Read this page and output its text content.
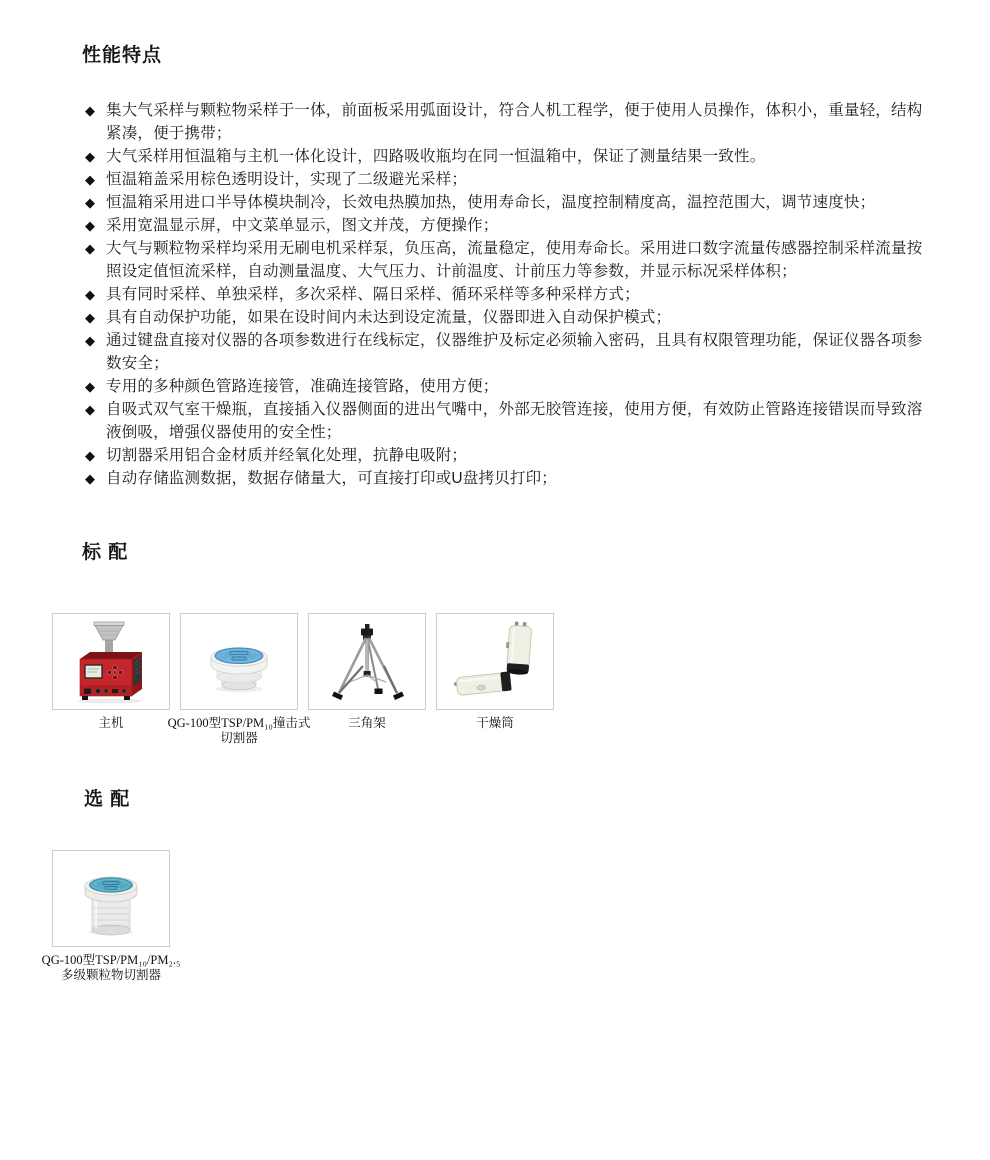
性能特点
◆ 集大气采样与颗粒物采样于一体，前面板采用弧面设计，符合人机工程学，便于使用人员操作，体积小，重量轻，结构紧凑，便于携带；
◆ 大气采样用恒温箱与主机一体化设计，四路吸收瓶均在同一恒温箱中，保证了测量结果一致性。
◆ 恒温箱盖采用棕色透明设计，实现了二级避光采样；
◆ 恒温箱采用进口半导体模块制冷，长效电热膜加热，使用寿命长，温度控制精度高，温控范围大，调节速度快；
◆ 采用宽温显示屏，中文菜单显示，图文并茂，方便操作；
◆ 大气与颗粒物采样均采用无刷电机采样泵，负压高，流量稳定，使用寿命长。采用进口数字流量传感器控制采样流量按照设定值恒流采样，自动测量温度、大气压力、计前温度、计前压力等参数，并显示标况采样体积；
◆ 具有同时采样、单独采样，多次采样、隔日采样、循环采样等多种采样方式；
◆ 具有自动保护功能，如果在设时间内未达到设定流量，仪器即进入自动保护模式；
◆ 通过键盘直接对仪器的各项参数进行在线标定，仪器维护及标定必须输入密码，且具有权限管理功能，保证仪器各项参数安全；
◆ 专用的多种颜色管路连接管，准确连接管路，使用方便；
◆ 自吸式双气室干燥瓶，直接插入仪器侧面的进出气嘴中，外部无胶管连接，使用方便，有效防止管路连接错误而导致溶液倒吸，增强仪器使用的安全性；
◆ 切割器采用铝合金材质并经氧化处理，抗静电吸附；
◆ 自动存储监测数据，数据存储量大，可直接打印或U盘拷贝打印；
标 配
主机	QG-100型TSP/PM₁₀撞击式
切割器
三角架	干燥筒
选 配
QG-100型TSP/PM₁₀/PM₂.₅
多级颗粒物切割器
